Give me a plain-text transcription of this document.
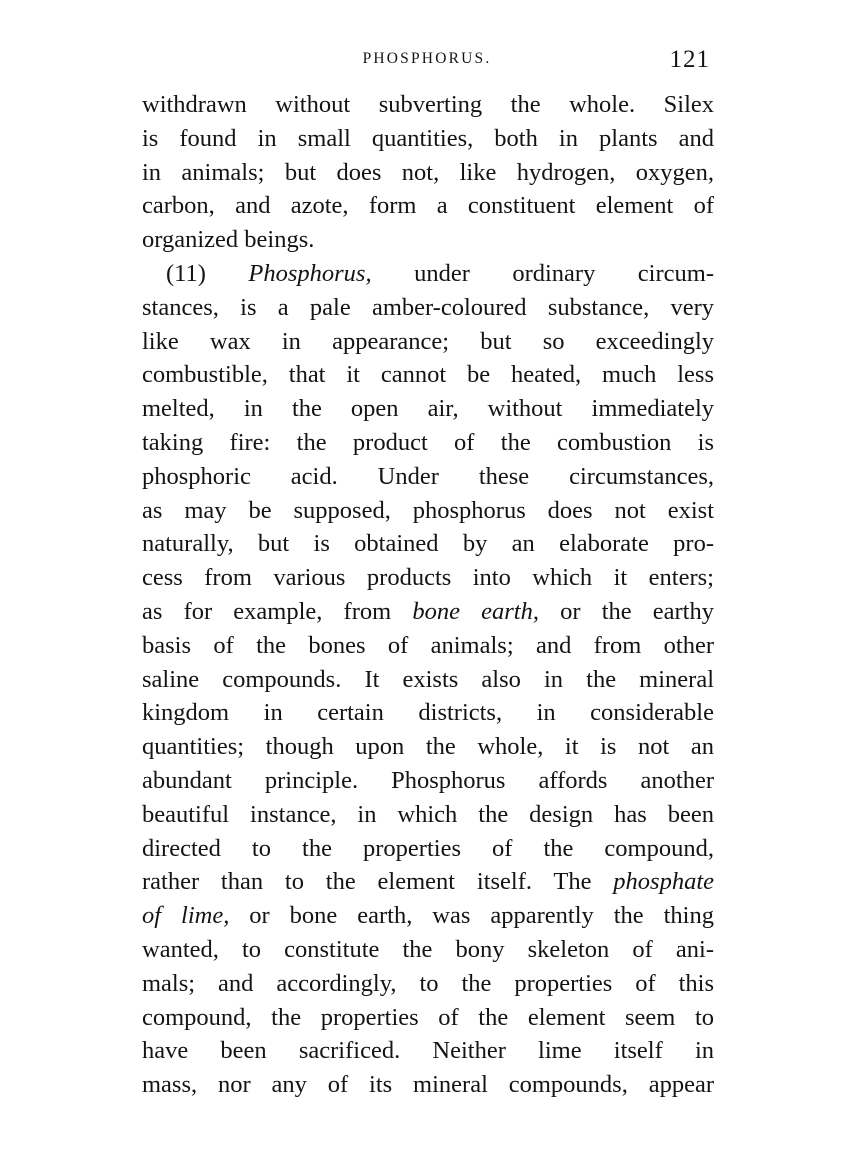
PHOSPHORUS.	121
withdrawn without subverting the whole. Silex
is found in small quantities, both in plants and
in animals; but does not, like hydrogen, oxygen,
carbon, and azote, form a constituent element of
organized beings.
(11) Phosphorus, under ordinary circum-
stances, is a pale amber-coloured substance, very
like wax in appearance; but so exceedingly
combustible, that it cannot be heated, much less
melted, in the open air, without immediately
taking fire: the product of the combustion is
phosphoric acid. Under these circumstances,
as may be supposed, phosphorus does not exist
naturally, but is obtained by an elaborate pro-
cess from various products into which it enters;
as for example, from bone earth, or the earthy
basis of the bones of animals; and from other
saline compounds. It exists also in the mineral
kingdom in certain districts, in considerable
quantities; though upon the whole, it is not an
abundant principle. Phosphorus affords another
beautiful instance, in which the design has been
directed to the properties of the compound,
rather than to the element itself. The phosphate
of lime, or bone earth, was apparently the thing
wanted, to constitute the bony skeleton of ani-
mals; and accordingly, to the properties of this
compound, the properties of the element seem to
have been sacrificed. Neither lime itself in
mass, nor any of its mineral compounds, appear
